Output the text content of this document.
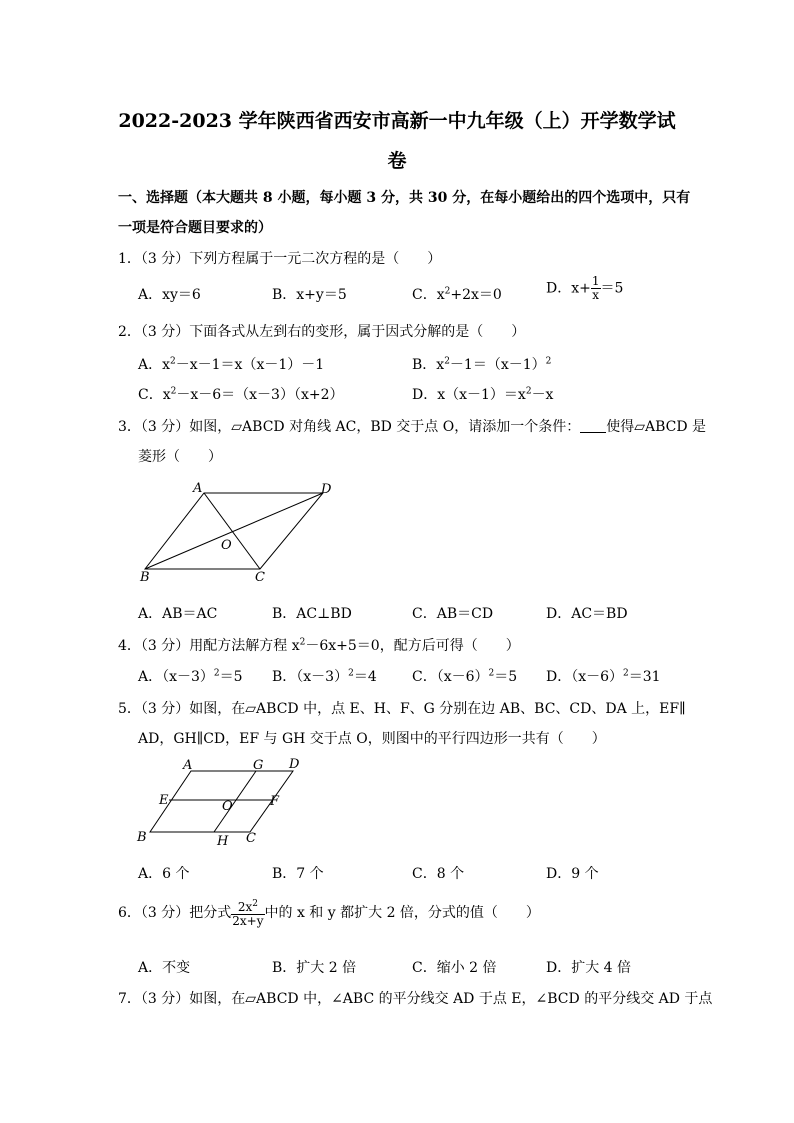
2022-2023 学年陕西省西安市高新一中九年级（上）开学数学试
卷
一、选择题（本大题共 8 小题，每小题 3 分，共 30 分，在每小题给出的四个选项中，只有
一项是符合题目要求的）
1．（3 分）下列方程属于一元二次方程的是（　　）
A．xy＝6	B．x+y＝5	C．$x^2+2x=0$	D．$x+ \frac{1}{x} =5$
2．（3 分）下面各式从左到右的变形，属于因式分解的是（　　）
A．$x^2-x-1=x(x-1)-1$	B．$x^2-1=(x-1)^2$
C．$x^2-x-6=(x-3)(x+2)$	D．$x(x-1)=x^2-x$
3．（3 分）如图，▱ABCD 对角线 AC，BD 交于点 O，请添加一个条件： 使得▱ABCD 是
菱形（　　）
A	D
O
B	C
A．AB＝AC	B．AC⊥BD	C．AB＝CD	D．AC＝BD
4．（3 分）用配方法解方程 $x^2-6x+5=0$，配方后可得（　　）
A．$(x-3)^2=5$ B．$(x-3)^2=4$	C．$(x-6)^2=5$ D．$(x-6)^2=31$
5．（3 分）如图，在▱ABCD 中，点 E、H、F、G 分别在边 AB、BC、CD、DA 上，EF∥
AD，GH∥CD，EF 与 GH 交于点 O，则图中的平行四边形一共有（　　）
A	G D
E	O	F
B	H C
A．6 个	B．7 个	C．8 个	D．9 个
6．（3 分）把分式 $\frac{2x^2}{2x+y}$ 中的 x 和 y 都扩大 2 倍，分式的值（　　）
A．不变	B．扩大 2 倍	C．缩小 2 倍	D．扩大 4 倍
7．（3 分）如图，在▱ABCD 中，∠ABC 的平分线交 AD 于点 E，∠BCD 的平分线交 AD 于点
